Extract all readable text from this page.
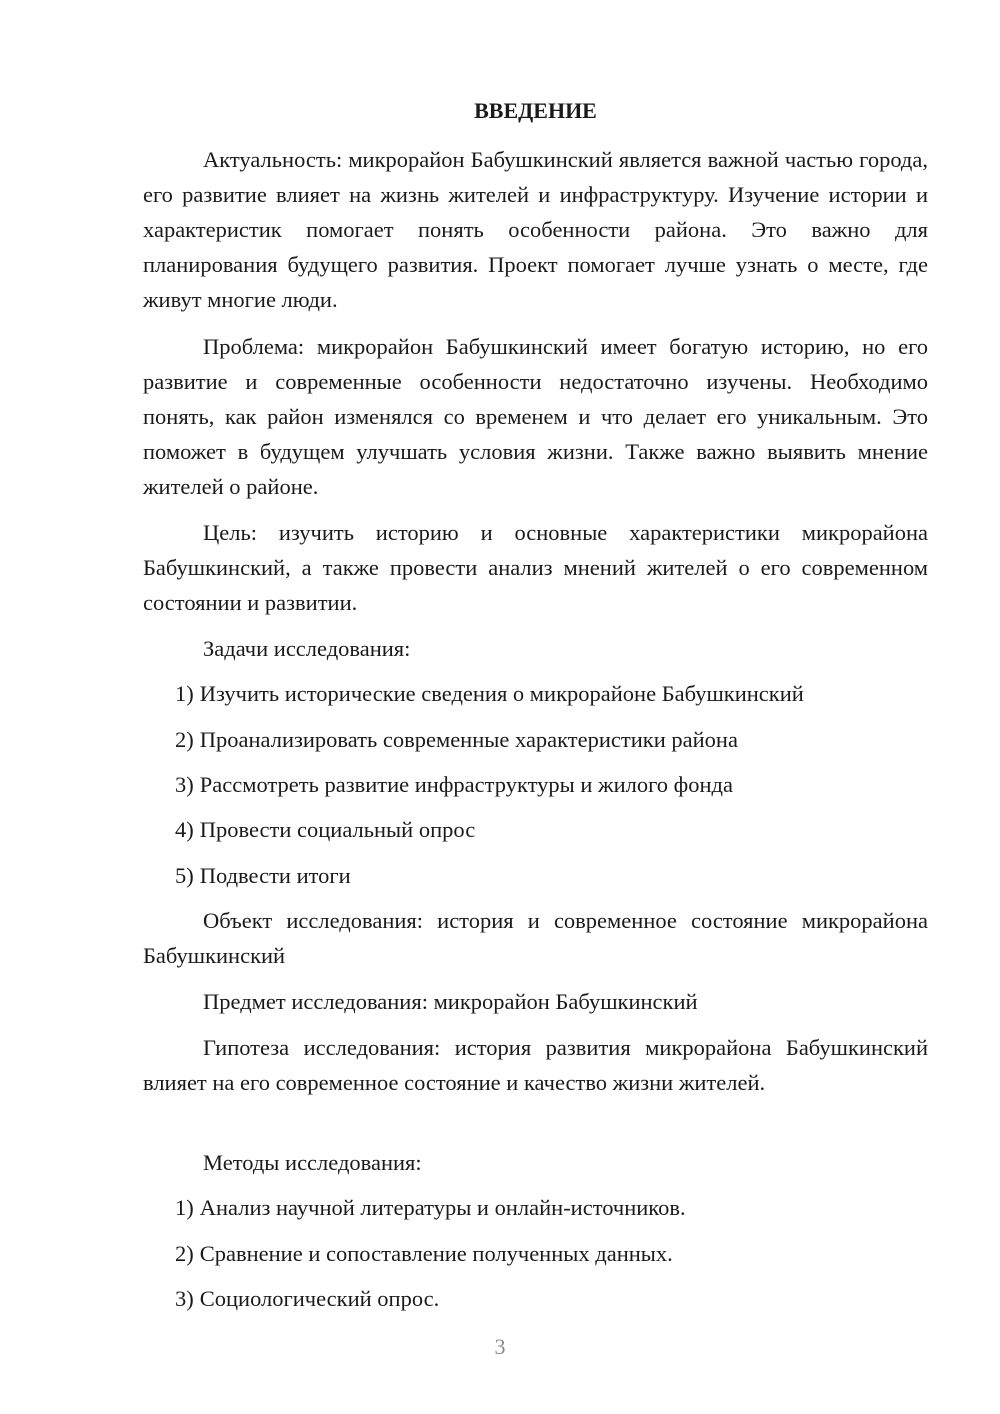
ВВЕДЕНИЕ

Актуальность: микрорайон Бабушкинский является важной частью города, его развитие влияет на жизнь жителей и инфраструктуру. Изучение истории и характеристик помогает понять особенности района. Это важно для планирования будущего развития. Проект помогает лучше узнать о месте, где живут многие люди.

Проблема: микрорайон Бабушкинский имеет богатую историю, но его развитие и современные особенности недостаточно изучены. Необходимо понять, как район изменялся со временем и что делает его уникальным. Это поможет в будущем улучшать условия жизни. Также важно выявить мнение жителей о районе.

Цель: изучить историю и основные характеристики микрорайона Бабушкинский, а также провести анализ мнений жителей о его современном состоянии и развитии.

Задачи исследования:

1) Изучить исторические сведения о микрорайоне Бабушкинский

2) Проанализировать современные характеристики района

3) Рассмотреть развитие инфраструктуры и жилого фонда

4) Провести социальный опрос

5) Подвести итоги

Объект исследования: история и современное состояние микрорайона Бабушкинский

Предмет исследования: микрорайон Бабушкинский

Гипотеза исследования: история развития микрорайона Бабушкинский влияет на его современное состояние и качество жизни жителей.

Методы исследования:

1) Анализ научной литературы и онлайн-источников.

2) Сравнение и сопоставление полученных данных.

3) Социологический опрос.

3
